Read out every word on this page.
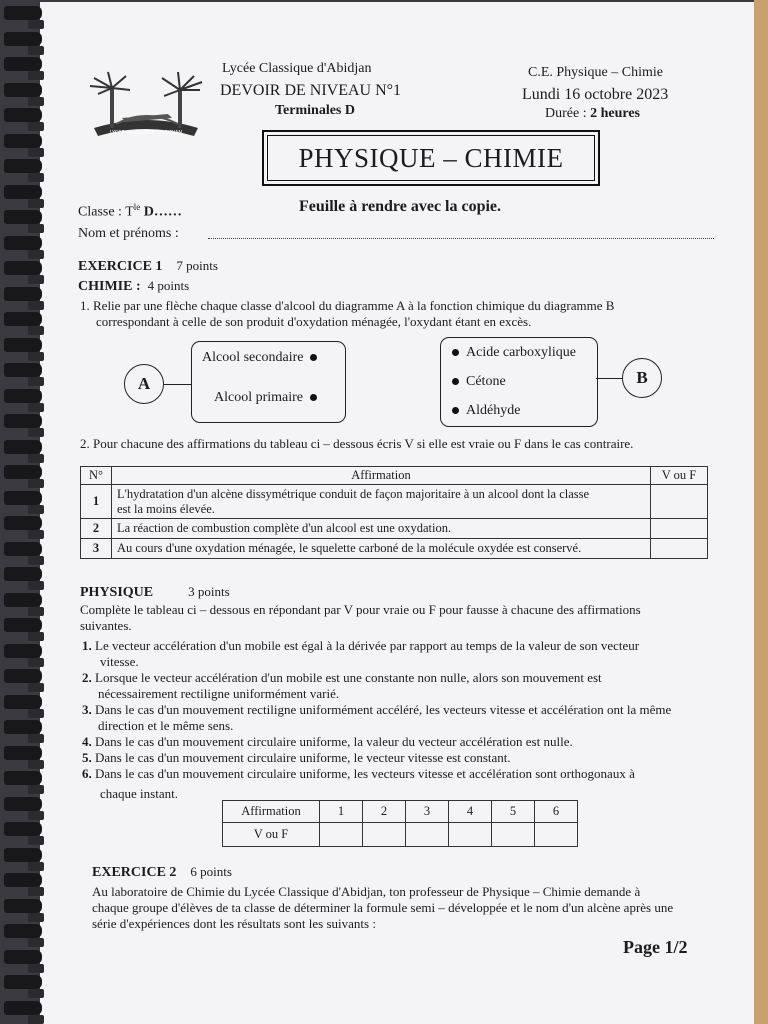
LYCEE CLASSIQUE D'ABIDJAN
Lycée Classique d'Abidjan
DEVOIR DE NIVEAU N°1
Terminales D
C.E. Physique – Chimie
Lundi 16 octobre 2023
Durée : 2 heures
PHYSIQUE – CHIMIE
Classe : $T^{le}$ D……	Feuille à rendre avec la copie.
Nom et prénoms :
EXERCICE 1 7 points
CHIMIE : 4 points
1. Relie par une flèche chaque classe d'alcool du diagramme A à la fonction chimique du diagramme B
correspondant à celle de son produit d'oxydation ménagée, l'oxydant étant en excès.
A
Alcool secondaire
Alcool primaire
Acide carboxylique
Cétone
Aldéhyde
B
2. Pour chacune des affirmations du tableau ci – dessous écris V si elle est vraie ou F dans le cas contraire.
N°	Affirmation	V ou F
1	L'hydratation d'un alcène dissymétrique conduit de façon majoritaire à un alcool dont la classe
est la moins élevée.	

2	La réaction de combustion complète d'un alcool est une oxydation.	
3	Au cours d'une oxydation ménagée, le squelette carboné de la molécule oxydée est conservé.	
PHYSIQUE	3 points
Complète le tableau ci – dessous en répondant par V pour vraie ou F pour fausse à chacune des affirmations
suivantes.
1. Le vecteur accélération d'un mobile est égal à la dérivée par rapport au temps de la valeur de son vecteur
vitesse.
2. Lorsque le vecteur accélération d'un mobile est une constante non nulle, alors son mouvement est
nécessairement rectiligne uniformément varié.
3. Dans le cas d'un mouvement rectiligne uniformément accéléré, les vecteurs vitesse et accélération ont la même
direction et le même sens.
4. Dans le cas d'un mouvement circulaire uniforme, la valeur du vecteur accélération est nulle.
5. Dans le cas d'un mouvement circulaire uniforme, le vecteur vitesse est constant.
6. Dans le cas d'un mouvement circulaire uniforme, les vecteurs vitesse et accélération sont orthogonaux à
chaque instant.
Affirmation	1	2	3	4	5	6
V ou F						
EXERCICE 2 6 points
Au laboratoire de Chimie du Lycée Classique d'Abidjan, ton professeur de Physique – Chimie demande à
chaque groupe d'élèves de ta classe de déterminer la formule semi – développée et le nom d'un alcène après une
série d'expériences dont les résultats sont les suivants :
Page 1/2
